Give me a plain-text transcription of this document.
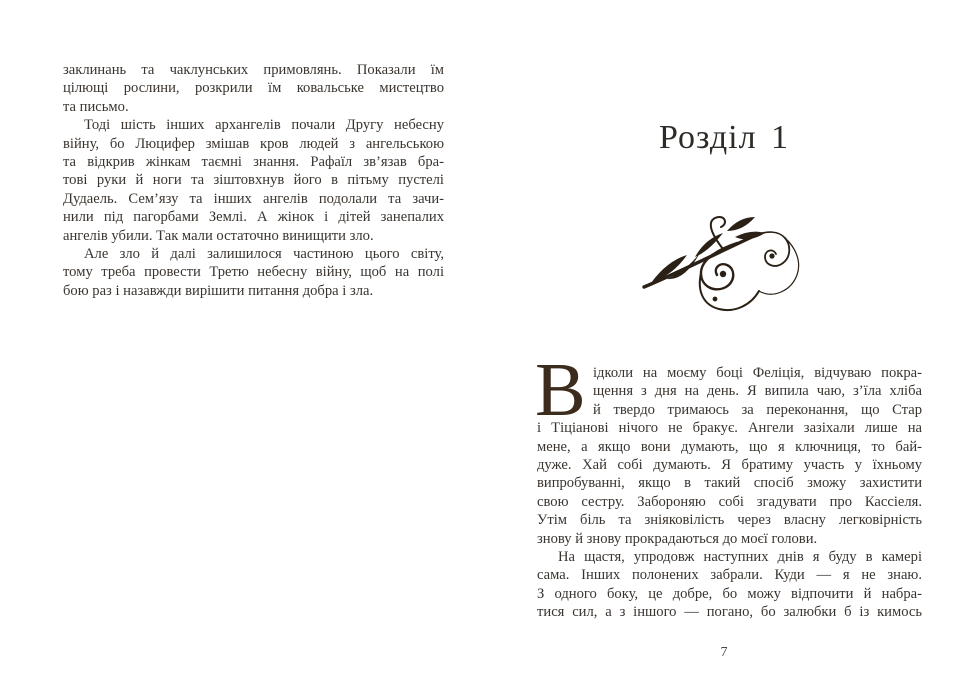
заклинань та чаклунських примовлянь. Показали їм
цілющі рослини, розкрили їм ковальське мистецтво
та письмо.
Тоді шість інших архангелів почали Другу небесну
війну, бо Люцифер змішав кров людей з ангельською
та відкрив жінкам таємні знання. Рафаїл зв’язав бра-
тові руки й ноги та зіштовхнув його в пітьму пустелі
Дудаель. Сем’язу та інших ангелів подолали та зачи-
нили під пагорбами Землі. А жінок і дітей занепалих
ангелів убили. Так мали остаточно винищити зло.
Але зло й далі залишилося частиною цього світу,
тому треба провести Третю небесну війну, щоб на полі
бою раз і назавжди вирішити питання добра і зла.
Розділ 1
В ідколи на моєму боці Феліція, відчуваю покра-
щення з дня на день. Я випила чаю, з’їла хліба
й твердо тримаюсь за переконання, що Стар
і Тіціанові нічого не бракує. Ангели зазіхали лише на
мене, а якщо вони думають, що я ключниця, то бай-
дуже. Хай собі думають. Я братиму участь у їхньому
випробуванні, якщо в такий спосіб зможу захистити
свою сестру. Забороняю собі згадувати про Кассіеля.
Утім біль та зніяковілість через власну легковірність
знову й знову прокрадаються до моєї голови.
На щастя, упродовж наступних днів я буду в камері
сама. Інших полонених забрали. Куди — я не знаю.
З одного боку, це добре, бо можу відпочити й набра-
тися сил, а з іншого — погано, бо залюбки б із кимось
7
